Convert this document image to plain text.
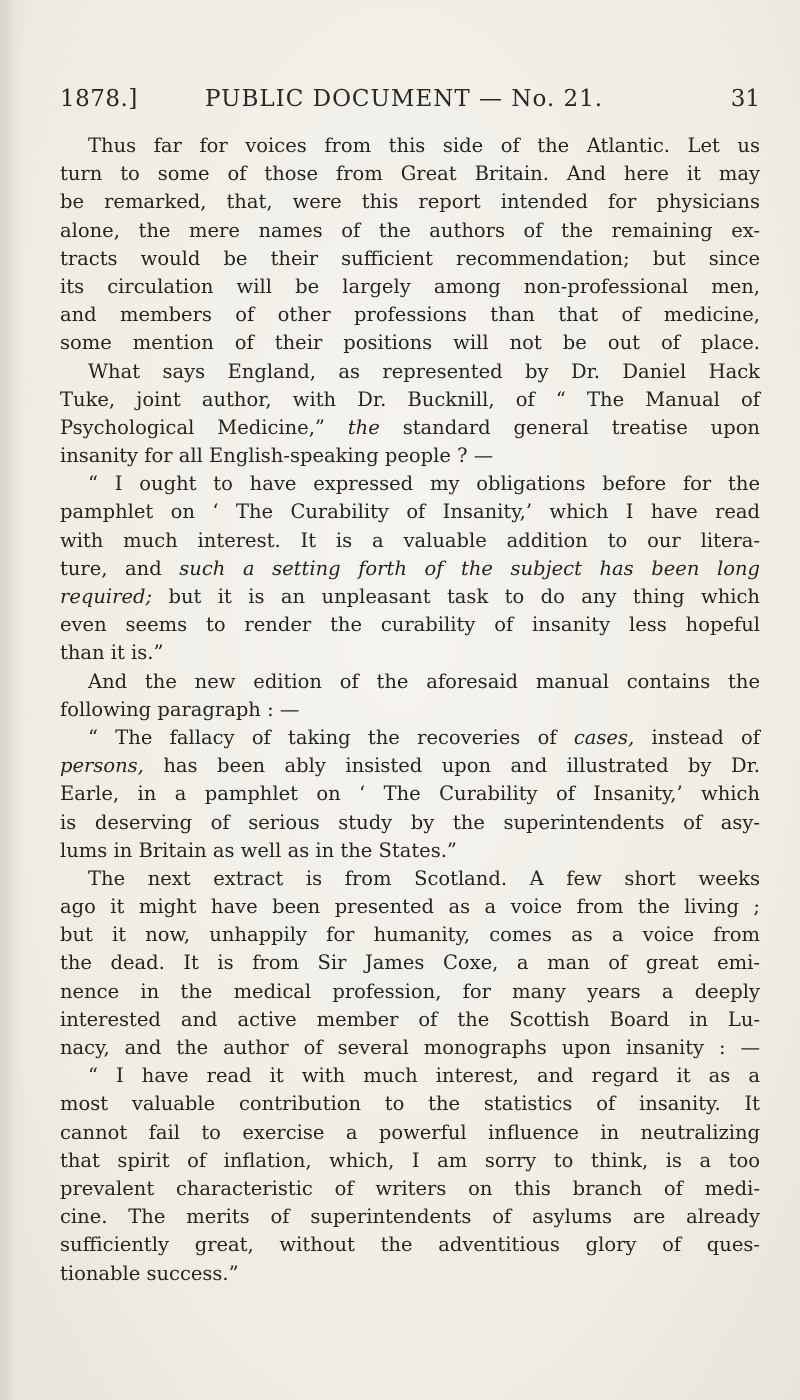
1878.]	PUBLIC DOCUMENT — No. 21.	31
Thus far for voices from this side of the Atlantic. Let us
turn to some of those from Great Britain. And here it may
be remarked, that, were this report intended for physicians
alone, the mere names of the authors of the remaining ex-
tracts would be their sufficient recommendation; but since
its circulation will be largely among non-professional men,
and members of other professions than that of medicine,
some mention of their positions will not be out of place.
What says England, as represented by Dr. Daniel Hack
Tuke, joint author, with Dr. Bucknill, of “ The Manual of
Psychological Medicine,” the standard general treatise upon
insanity for all English-speaking people ? —
“ I ought to have expressed my obligations before for the
pamphlet on ‘ The Curability of Insanity,’ which I have read
with much interest. It is a valuable addition to our litera-
ture, and such a setting forth of the subject has been long
required; but it is an unpleasant task to do any thing which
even seems to render the curability of insanity less hopeful
than it is.”
And the new edition of the aforesaid manual contains the
following paragraph : —
“ The fallacy of taking the recoveries of cases, instead of
persons, has been ably insisted upon and illustrated by Dr.
Earle, in a pamphlet on ‘ The Curability of Insanity,’ which
is deserving of serious study by the superintendents of asy-
lums in Britain as well as in the States.”
The next extract is from Scotland. A few short weeks
ago it might have been presented as a voice from the living ;
but it now, unhappily for humanity, comes as a voice from
the dead. It is from Sir James Coxe, a man of great emi-
nence in the medical profession, for many years a deeply
interested and active member of the Scottish Board in Lu-
nacy, and the author of several monographs upon insanity : —
“ I have read it with much interest, and regard it as a
most valuable contribution to the statistics of insanity. It
cannot fail to exercise a powerful influence in neutralizing
that spirit of inflation, which, I am sorry to think, is a too
prevalent characteristic of writers on this branch of medi-
cine. The merits of superintendents of asylums are already
sufficiently great, without the adventitious glory of ques-
tionable success.”
